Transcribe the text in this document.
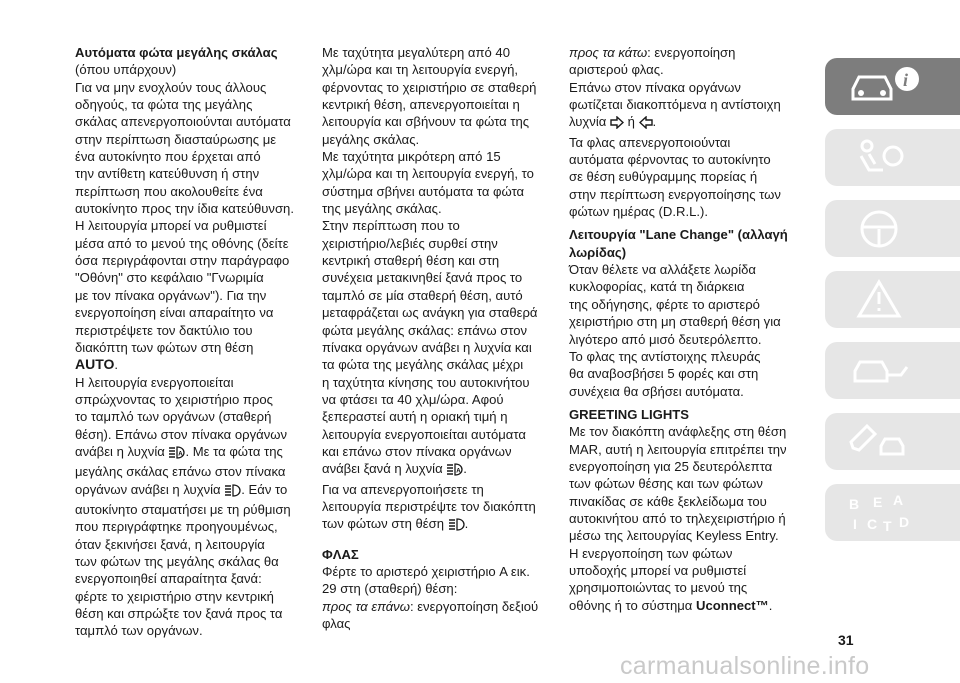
Αυτόματα φώτα μεγάλης σκάλας

(όπου υπάρχουν)

Για να μην ενοχλούν τους άλλους

οδηγούς, τα φώτα της μεγάλης

σκάλας απενεργοποιούνται αυτόματα

στην περίπτωση διασταύρωσης με

ένα αυτοκίνητο που έρχεται από

την αντίθετη κατεύθυνση ή στην

περίπτωση που ακολουθείτε ένα

αυτοκίνητο προς την ίδια κατεύθυνση.

Η λειτουργία μπορεί να ρυθμιστεί

μέσα από το μενού της οθόνης (δείτε

όσα περιγράφονται στην παράγραφο

"Οθόνη" στο κεφάλαιο "Γνωριμία

με τον πίνακα οργάνων"). Για την

ενεργοποίηση είναι απαραίτητο να

περιστρέψετε τον δακτύλιο του

διακόπτη των φώτων στη θέση

AUTO.

Η λειτουργία ενεργοποιείται

σπρώχνοντας το χειριστήριο προς

το ταμπλό των οργάνων (σταθερή

θέση). Επάνω στον πίνακα οργάνων

ανάβει η λυχνία A . Με τα φώτα της

μεγάλης σκάλας επάνω στον πίνακα

οργάνων ανάβει η λυχνία . Εάν το

αυτοκίνητο σταματήσει με τη ρύθμιση

που περιγράφτηκε προηγουμένως,

όταν ξεκινήσει ξανά, η λειτουργία

των φώτων της μεγάλης σκάλας θα

ενεργοποιηθεί απαραίτητα ξανά:

φέρτε το χειριστήριο στην κεντρική

θέση και σπρώξτε τον ξανά προς τα

ταμπλό των οργάνων.

Με ταχύτητα μεγαλύτερη από 40

χλμ/ώρα και τη λειτουργία ενεργή,

φέρνοντας το χειριστήριο σε σταθερή

κεντρική θέση, απενεργοποιείται η

λειτουργία και σβήνουν τα φώτα της

μεγάλης σκάλας.

Με ταχύτητα μικρότερη από 15

χλμ/ώρα και τη λειτουργία ενεργή, το

σύστημα σβήνει αυτόματα τα φώτα

της μεγάλης σκάλας.

Στην περίπτωση που το

χειριστήριο/λεβιές συρθεί στην

κεντρική σταθερή θέση και στη

συνέχεια μετακινηθεί ξανά προς το

ταμπλό σε μία σταθερή θέση, αυτό

μεταφράζεται ως ανάγκη για σταθερά

φώτα μεγάλης σκάλας: επάνω στον

πίνακα οργάνων ανάβει η λυχνία και

τα φώτα της μεγάλης σκάλας μέχρι

η ταχύτητα κίνησης του αυτοκινήτου

να φτάσει τα 40 χλμ/ώρα. Αφού

ξεπεραστεί αυτή η οριακή τιμή η

λειτουργία ενεργοποιείται αυτόματα

και επάνω στον πίνακα οργάνων

ανάβει ξανά η λυχνία A .

Για να απενεργοποιήσετε τη

λειτουργία περιστρέψτε τον διακόπτη

των φώτων στη θέση .

ΦΛΑΣ

Φέρτε το αριστερό χειριστήριο A εικ.

29 στη (σταθερή) θέση:

προς τα επάνω: ενεργοποίηση δεξιού

φλας

προς τα κάτω: ενεργοποίηση

αριστερού φλας.

Επάνω στον πίνακα οργάνων

φωτίζεται διακοπτόμενα η αντίστοιχη

λυχνία  ή .

Τα φλας απενεργοποιούνται

αυτόματα φέρνοντας το αυτοκίνητο

σε θέση ευθύγραμμης πορείας ή

στην περίπτωση ενεργοποίησης των

φώτων ημέρας (D.R.L.).

Λειτουργία "Lane Change" (αλλαγή

λωρίδας)

Όταν θέλετε να αλλάξετε λωρίδα

κυκλοφορίας, κατά τη διάρκεια

της οδήγησης, φέρτε το αριστερό

χειριστήριο στη μη σταθερή θέση για

λιγότερο από μισό δευτερόλεπτο.

Το φλας της αντίστοιχης πλευράς

θα αναβοσβήσει 5 φορές και στη

συνέχεια θα σβήσει αυτόματα.

GREETING LIGHTS

Με τον διακόπτη ανάφλεξης στη θέση

MAR, αυτή η λειτουργία επιτρέπει την

ενεργοποίηση για 25 δευτερόλεπτα

των φώτων θέσης και των φώτων

πινακίδας σε κάθε ξεκλείδωμα του

αυτοκινήτου από το τηλεχειριστήριο ή

μέσω της λειτουργίας Keyless Entry.

Η ενεργοποίηση των φώτων

υποδοχής μπορεί να ρυθμιστεί

χρησιμοποιώντας το μενού της

οθόνης ή το σύστημα Uconnect™.

i
B E A
I C T D
31
carmanualsonline.info
